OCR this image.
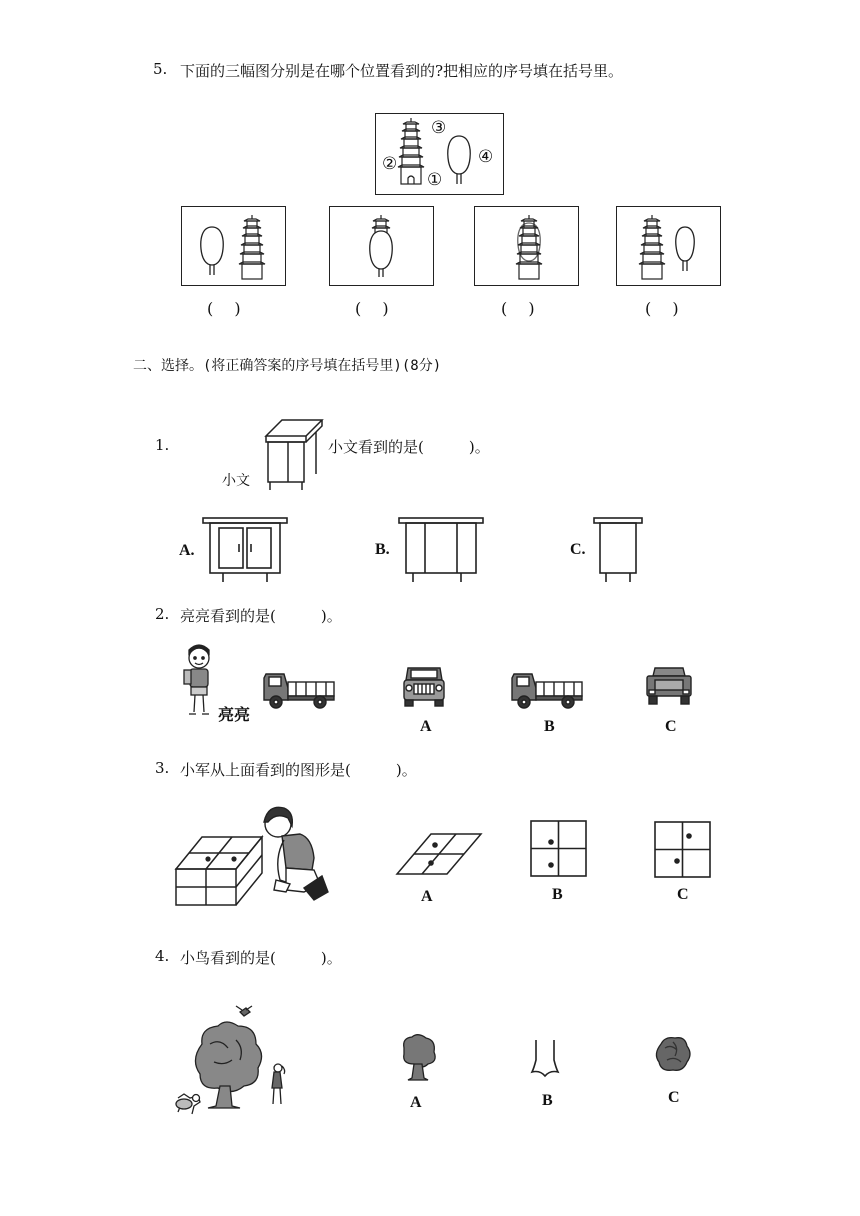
5. 下面的三幅图分别是在哪个位置看到的?把相应的序号填在括号里。
③
②
①
④
(　 )	(　 )	(　 )	(　 )
二、选择。(将正确答案的序号填在括号里)(8分)
1.	小文看到的是(　　　)。
小文
A.	B.	C.
2. 亮亮看到的是(　　　)。
亮亮
A	B	C
3. 小军从上面看到的图形是(　　　)。
A	B	C
4. 小鸟看到的是(　　　)。
A	B	C
